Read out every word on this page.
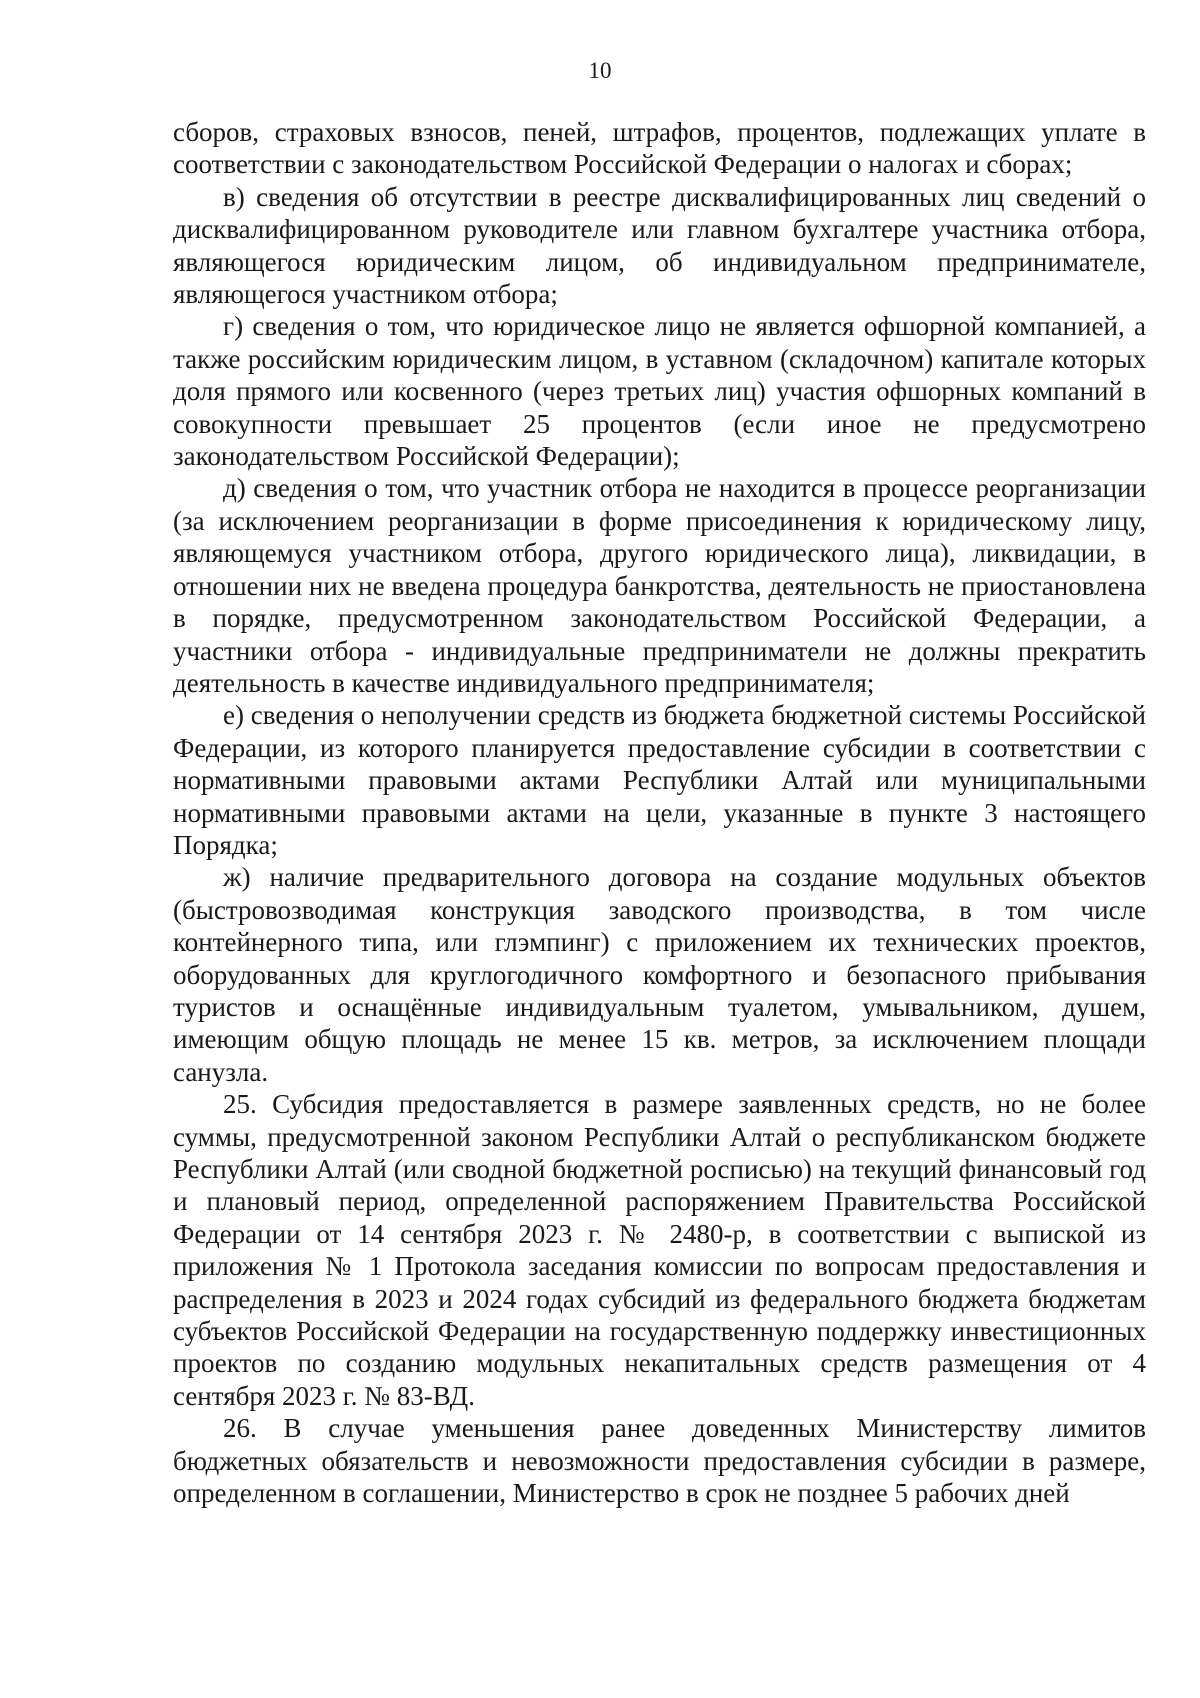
10

сборов, страховых взносов, пеней, штрафов, процентов, подлежащих уплате в соответствии с законодательством Российской Федерации о налогах и сборах;

в) сведения об отсутствии в реестре дисквалифицированных лиц сведений о дисквалифицированном руководителе или главном бухгалтере участника отбора, являющегося юридическим лицом, об индивидуальном предпринимателе, являющегося участником отбора;

г) сведения о том, что юридическое лицо не является офшорной компанией, а также российским юридическим лицом, в уставном (складочном) капитале которых доля прямого или косвенного (через третьих лиц) участия офшорных компаний в совокупности превышает 25 процентов (если иное не предусмотрено законодательством Российской Федерации);

д) сведения о том, что участник отбора не находится в процессе реорганизации (за исключением реорганизации в форме присоединения к юридическому лицу, являющемуся участником отбора, другого юридического лица), ликвидации, в отношении них не введена процедура банкротства, деятельность не приостановлена в порядке, предусмотренном законодательством Российской Федерации, а участники отбора - индивидуальные предприниматели не должны прекратить деятельность в качестве индивидуального предпринимателя;

е) сведения о неполучении средств из бюджета бюджетной системы Российской Федерации, из которого планируется предоставление субсидии в соответствии с нормативными правовыми актами Республики Алтай или муниципальными нормативными правовыми актами на цели, указанные в пункте 3 настоящего Порядка;

ж) наличие предварительного договора на создание модульных объектов (быстровозводимая конструкция заводского производства, в том числе контейнерного типа, или глэмпинг) с приложением их технических проектов, оборудованных для круглогодичного комфортного и безопасного прибывания туристов и оснащённые индивидуальным туалетом, умывальником, душем, имеющим общую площадь не менее 15 кв. метров, за исключением площади санузла.

25. Субсидия предоставляется в размере заявленных средств, но не более суммы, предусмотренной законом Республики Алтай о республиканском бюджете Республики Алтай (или сводной бюджетной росписью) на текущий финансовый год и плановый период, определенной распоряжением Правительства Российской Федерации от 14 сентября 2023 г. № 2480-р, в соответствии с выпиской из приложения № 1 Протокола заседания комиссии по вопросам предоставления и распределения в 2023 и 2024 годах субсидий из федерального бюджета бюджетам субъектов Российской Федерации на государственную поддержку инвестиционных проектов по созданию модульных некапитальных средств размещения от 4 сентября 2023 г. № 83-ВД.

26. В случае уменьшения ранее доведенных Министерству лимитов бюджетных обязательств и невозможности предоставления субсидии в размере, определенном в соглашении, Министерство в срок не позднее 5 рабочих дней
